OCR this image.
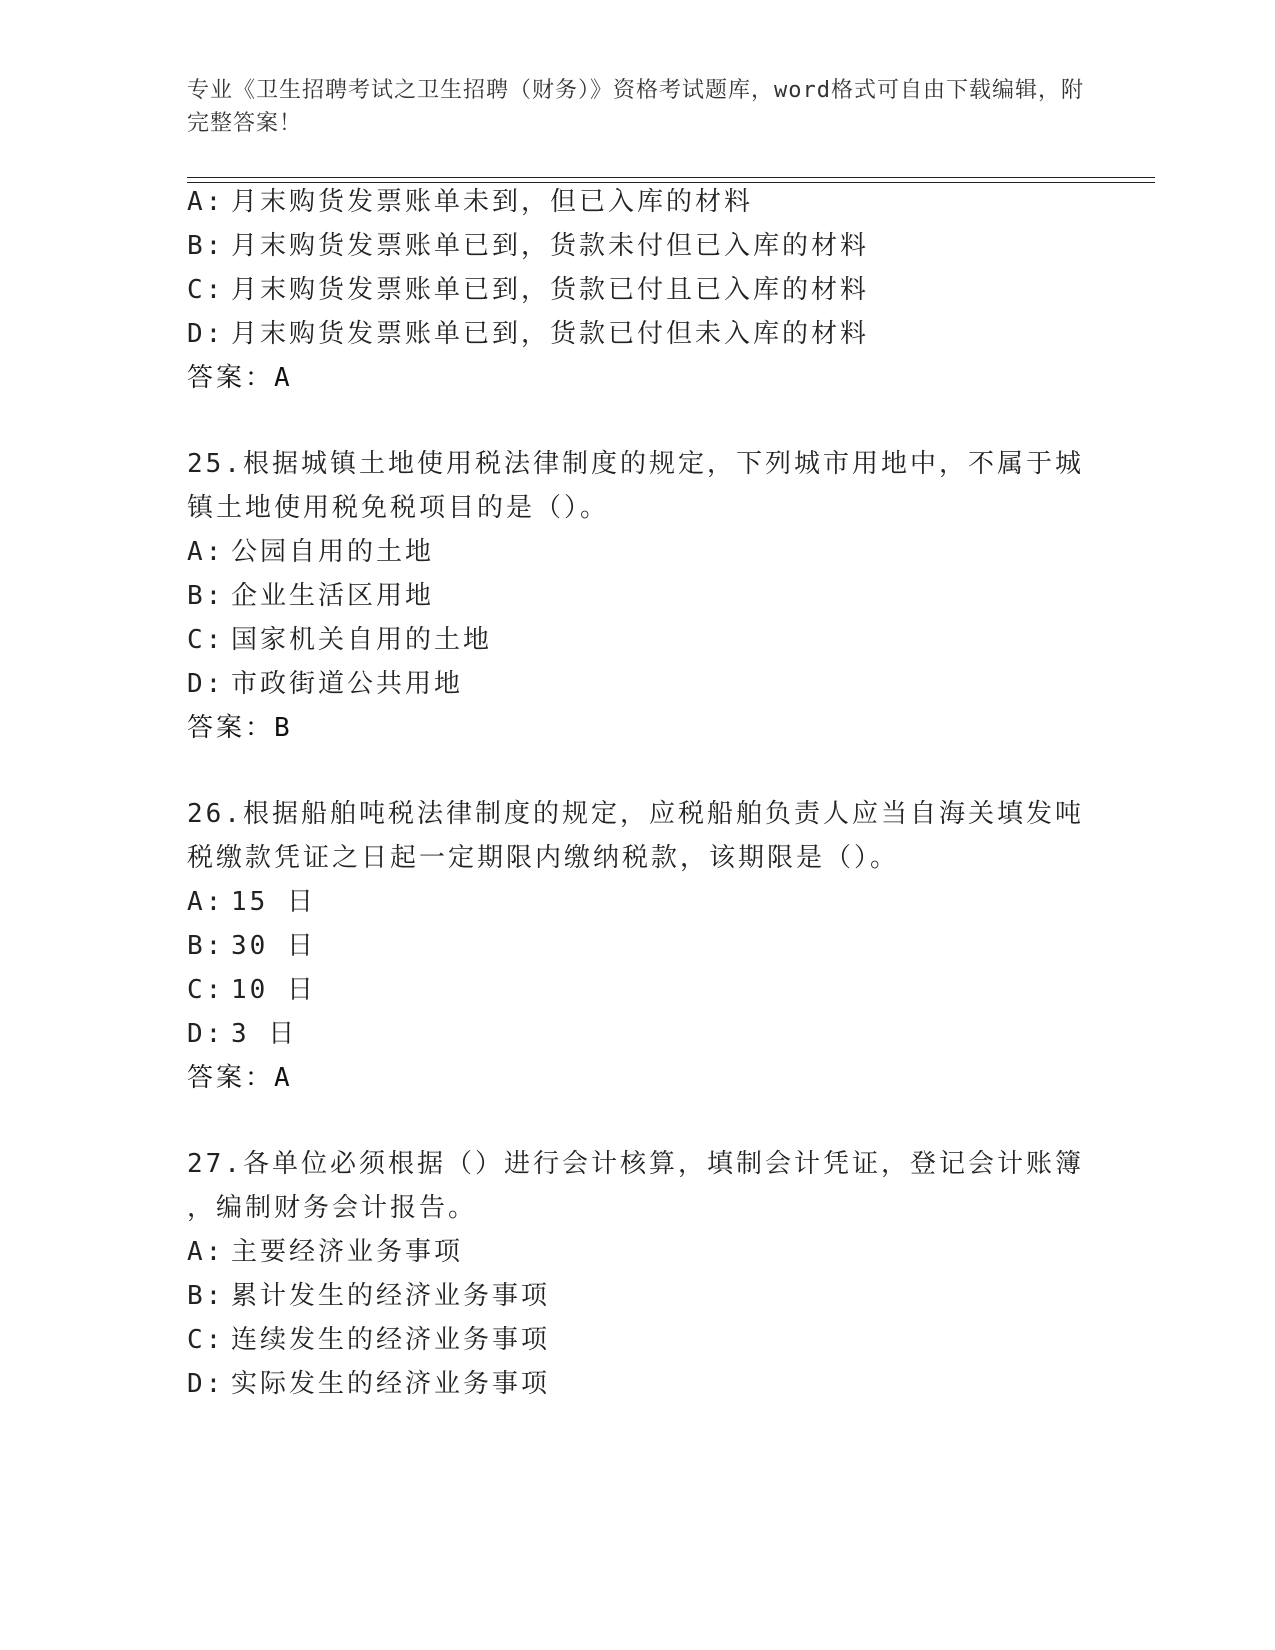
专业《卫生招聘考试之卫生招聘（财务）》资格考试题库，word格式可自由下载编辑，附完整答案！
A: 月末购货发票账单未到，但已入库的材料
B: 月末购货发票账单已到，货款未付但已入库的材料
C: 月末购货发票账单已到，货款已付且已入库的材料
D: 月末购货发票账单已到，货款已付但未入库的材料
答案：A
25.根据城镇土地使用税法律制度的规定，下列城市用地中，不属于城
镇土地使用税免税项目的是（）。
A: 公园自用的土地
B: 企业生活区用地
C: 国家机关自用的土地
D: 市政街道公共用地
答案：B
26.根据船舶吨税法律制度的规定，应税船舶负责人应当自海关填发吨
税缴款凭证之日起一定期限内缴纳税款，该期限是（）。
A: 15 日
B: 30 日
C: 10 日
D: 3 日
答案：A
27.各单位必须根据（）进行会计核算，填制会计凭证，登记会计账簿
，编制财务会计报告。
A: 主要经济业务事项
B: 累计发生的经济业务事项
C: 连续发生的经济业务事项
D: 实际发生的经济业务事项
